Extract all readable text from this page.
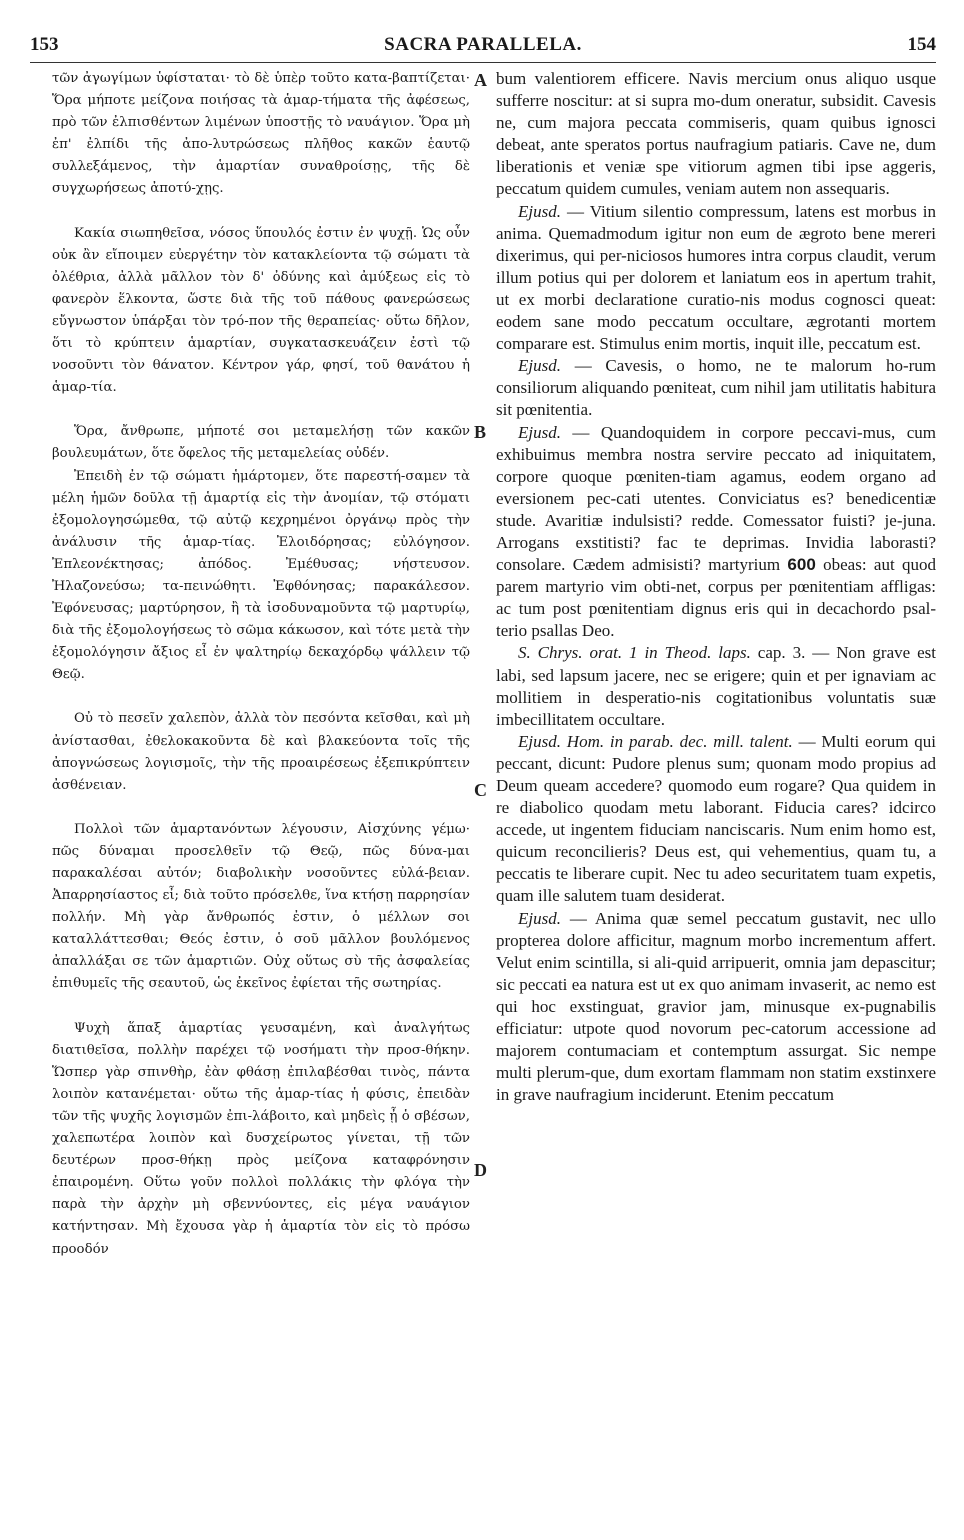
153	SACRA PARALLELA.	154
A
B
C
D

τῶν ἀγωγίμων ὑφίσταται· τὸ δὲ ὑπὲρ τοῦτο κατα-βαπτίζεται· Ὅρα μήποτε μείζονα ποιήσας τὰ ἁμαρ-τήματα τῆς ἀφέσεως, πρὸ τῶν ἐλπισθέντων λιμένων ὑποστῇς τὸ ναυάγιον. Ὅρα μὴ ἐπ' ἐλπίδι τῆς ἀπο-λυτρώσεως πλῆθος κακῶν ἑαυτῷ συλλεξάμενος, τὴν ἁμαρτίαν συναθροίσῃς, τῆς δὲ συγχωρήσεως ἀποτύ-χῃς.

Κακία σιωπηθεῖσα, νόσος ὕπουλός ἐστιν ἐν ψυχῇ. Ὡς οὖν οὐκ ἂν εἴποιμεν εὐεργέτην τὸν κατακλείοντα τῷ σώματι τὰ ὀλέθρια, ἀλλὰ μᾶλλον τὸν δ' ὀδύνης καὶ ἀμύξεως εἰς τὸ φανερὸν ἕλκοντα, ὥστε διὰ τῆς τοῦ πάθους φανερώσεως εὔγνωστον ὑπάρξαι τὸν τρό-πον τῆς θεραπείας· οὕτω δῆλον, ὅτι τὸ κρύπτειν ἁμαρτίαν, συγκατασκευάζειν ἐστὶ τῷ νοσοῦντι τὸν θάνατον. Κέντρον γάρ, φησί, τοῦ θανάτου ἡ ἁμαρ-τία.

Ὅρα, ἄνθρωπε, μήποτέ σοι μεταμελήσῃ τῶν κακῶν βουλευμάτων, ὅτε ὄφελος τῆς μεταμελείας οὐδέν.

Ἐπειδὴ ἐν τῷ σώματι ἡμάρτομεν, ὅτε παρεστή-σαμεν τὰ μέλη ἡμῶν δοῦλα τῇ ἁμαρτίᾳ εἰς τὴν ἀνομίαν, τῷ στόματι ἐξομολογησώμεθα, τῷ αὐτῷ κεχρημένοι ὀργάνῳ πρὸς τὴν ἀνάλυσιν τῆς ἁμαρ-τίας. Ἐλοιδόρησας; εὐλόγησον. Ἐπλεονέκτησας; ἀπόδος. Ἐμέθυσας; νήστευσον. Ἠλαζονεύσω; τα-πεινώθητι. Ἐφθόνησας; παρακάλεσον. Ἐφόνευσας; μαρτύρησον, ἢ τὰ ἰσοδυναμοῦντα τῷ μαρτυρίῳ, διὰ τῆς ἐξομολογήσεως τὸ σῶμα κάκωσον, καὶ τότε μετὰ τὴν ἐξομολόγησιν ἄξιος εἶ ἐν ψαλτηρίῳ δεκαχόρδῳ ψάλλειν τῷ Θεῷ.

Οὐ τὸ πεσεῖν χαλεπὸν, ἀλλὰ τὸν πεσόντα κεῖσθαι, καὶ μὴ ἀνίστασθαι, ἐθελοκακοῦντα δὲ καὶ βλακεύοντα τοῖς τῆς ἀπογνώσεως λογισμοῖς, τὴν τῆς προαιρέσεως ἐξεπικρύπτειν ἀσθένειαν.

Πολλοὶ τῶν ἁμαρτανόντων λέγουσιν, Αἰσχύνης γέμω· πῶς δύναμαι προσελθεῖν τῷ Θεῷ, πῶς δύνα-μαι παρακαλέσαι αὐτόν; διαβολικὴν νοσοῦντες εὐλά-βειαν. Ἀπαρρησίαστος εἶ; διὰ τοῦτο πρόσελθε, ἵνα κτήσῃ παρρησίαν πολλήν. Μὴ γὰρ ἄνθρωπός ἐστιν, ὁ μέλλων σοι καταλλάττεσθαι; Θεός ἐστιν, ὁ σοῦ μᾶλλον βουλόμενος ἀπαλλάξαι σε τῶν ἁμαρτιῶν. Οὐχ οὕτως σὺ τῆς ἀσφαλείας ἐπιθυμεῖς τῆς σεαυτοῦ, ὡς ἐκεῖνος ἐφίεται τῆς σωτηρίας.

Ψυχὴ ἅπαξ ἁμαρτίας γευσαμένη, καὶ ἀναλγήτως διατιθεῖσα, πολλὴν παρέχει τῷ νοσήματι τὴν προσ-θήκην. Ὥσπερ γὰρ σπινθὴρ, ἐὰν φθάσῃ ἐπιλαβέσθαι τινὸς, πάντα λοιπὸν κατανέμεται· οὕτω τῆς ἁμαρ-τίας ἡ φύσις, ἐπειδὰν τῶν τῆς ψυχῆς λογισμῶν ἐπι-λάβοιτο, καὶ μηδεὶς ᾖ ὁ σβέσων, χαλεπωτέρα λοιπὸν καὶ δυσχείρωτος γίνεται, τῇ τῶν δευτέρων προσ-θήκῃ πρὸς μείζονα καταφρόνησιν ἐπαιρομένη. Οὕτω γοῦν πολλοὶ πολλάκις τὴν φλόγα τὴν παρὰ τὴν ἀρχὴν μὴ σβεννύοντες, εἰς μέγα ναυάγιον κατήντησαν. Μὴ ἔχουσα γὰρ ἡ ἁμαρτία τὸν εἰς τὸ πρόσω προοδόν

bum valentiorem efficere. Navis mercium onus aliquo usque sufferre noscitur: at si supra mo-dum oneratur, subsidit. Cavesis ne, cum majora peccata commiseris, quam quibus ignosci debeat, ante speratos portus naufragium patiaris. Cave ne, dum liberationis et veniæ spe vitiorum agmen tibi ipse aggeris, peccatum quidem cumules, veniam autem non assequaris.

Ejusd. — Vitium silentio compressum, latens est morbus in anima. Quemadmodum igitur non eum de ægroto bene mereri dixerimus, qui per-niciosos humores intra corpus claudit, verum illum potius qui per dolorem et laniatum eos in apertum trahit, ut ex morbi declaratione curatio-nis modus cognosci queat: eodem sane modo peccatum occultare, ægrotanti mortem comparare est. Stimulus enim mortis, inquit ille, peccatum est.

Ejusd. — Cavesis, o homo, ne te malorum ho-rum consiliorum aliquando pœniteat, cum nihil jam utilitatis habitura sit pœnitentia.

Ejusd. — Quandoquidem in corpore peccavi-mus, cum exhibuimus membra nostra servire peccato ad iniquitatem, corpore quoque pœniten-tiam agamus, eodem organo ad eversionem pec-cati utentes. Conviciatus es? benedicentiæ stude. Avaritiæ indulsisti? redde. Comessator fuisti? je-juna. Arrogans exstitisti? fac te deprimas. Invidia laborasti? consolare. Cædem admisisti? martyrium 600 obeas: aut quod parem martyrio vim obti-net, corpus per pœnitentiam affligas: ac tum post pœnitentiam dignus eris qui in decachordo psal-terio psallas Deo.

S. Chrys. orat. 1 in Theod. laps. cap. 3. — Non grave est labi, sed lapsum jacere, nec se erigere; quin et per ignaviam ac mollitiem in desperatio-nis cogitationibus voluntatis suæ imbecillitatem occultare.

Ejusd. Hom. in parab. dec. mill. talent. — Multi eorum qui peccant, dicunt: Pudore plenus sum; quonam modo propius ad Deum queam accedere? quomodo eum rogare? Qua quidem in re diabolico quodam metu laborant. Fiducia cares? idcirco accede, ut ingentem fiduciam nanciscaris. Num enim homo est, quicum reconcilieris? Deus est, qui vehementius, quam tu, a peccatis te liberare cupit. Nec tu adeo securitatem tuam expetis, quam ille salutem tuam desiderat.

Ejusd. — Anima quæ semel peccatum gustavit, nec ullo propterea dolore afficitur, magnum morbo incrementum affert. Velut enim scintilla, si ali-quid arripuerit, omnia jam depascitur; sic peccati ea natura est ut ex quo animam invaserit, ac nemo est qui hoc exstinguat, gravior jam, minusque ex-pugnabilis efficiatur: utpote quod novorum pec-catorum accessione ad majorem contumaciam et contemptum assurgat. Sic nempe multi plerum-que, dum exortam flammam non statim exstinxere in grave naufragium inciderunt. Etenim peccatum
